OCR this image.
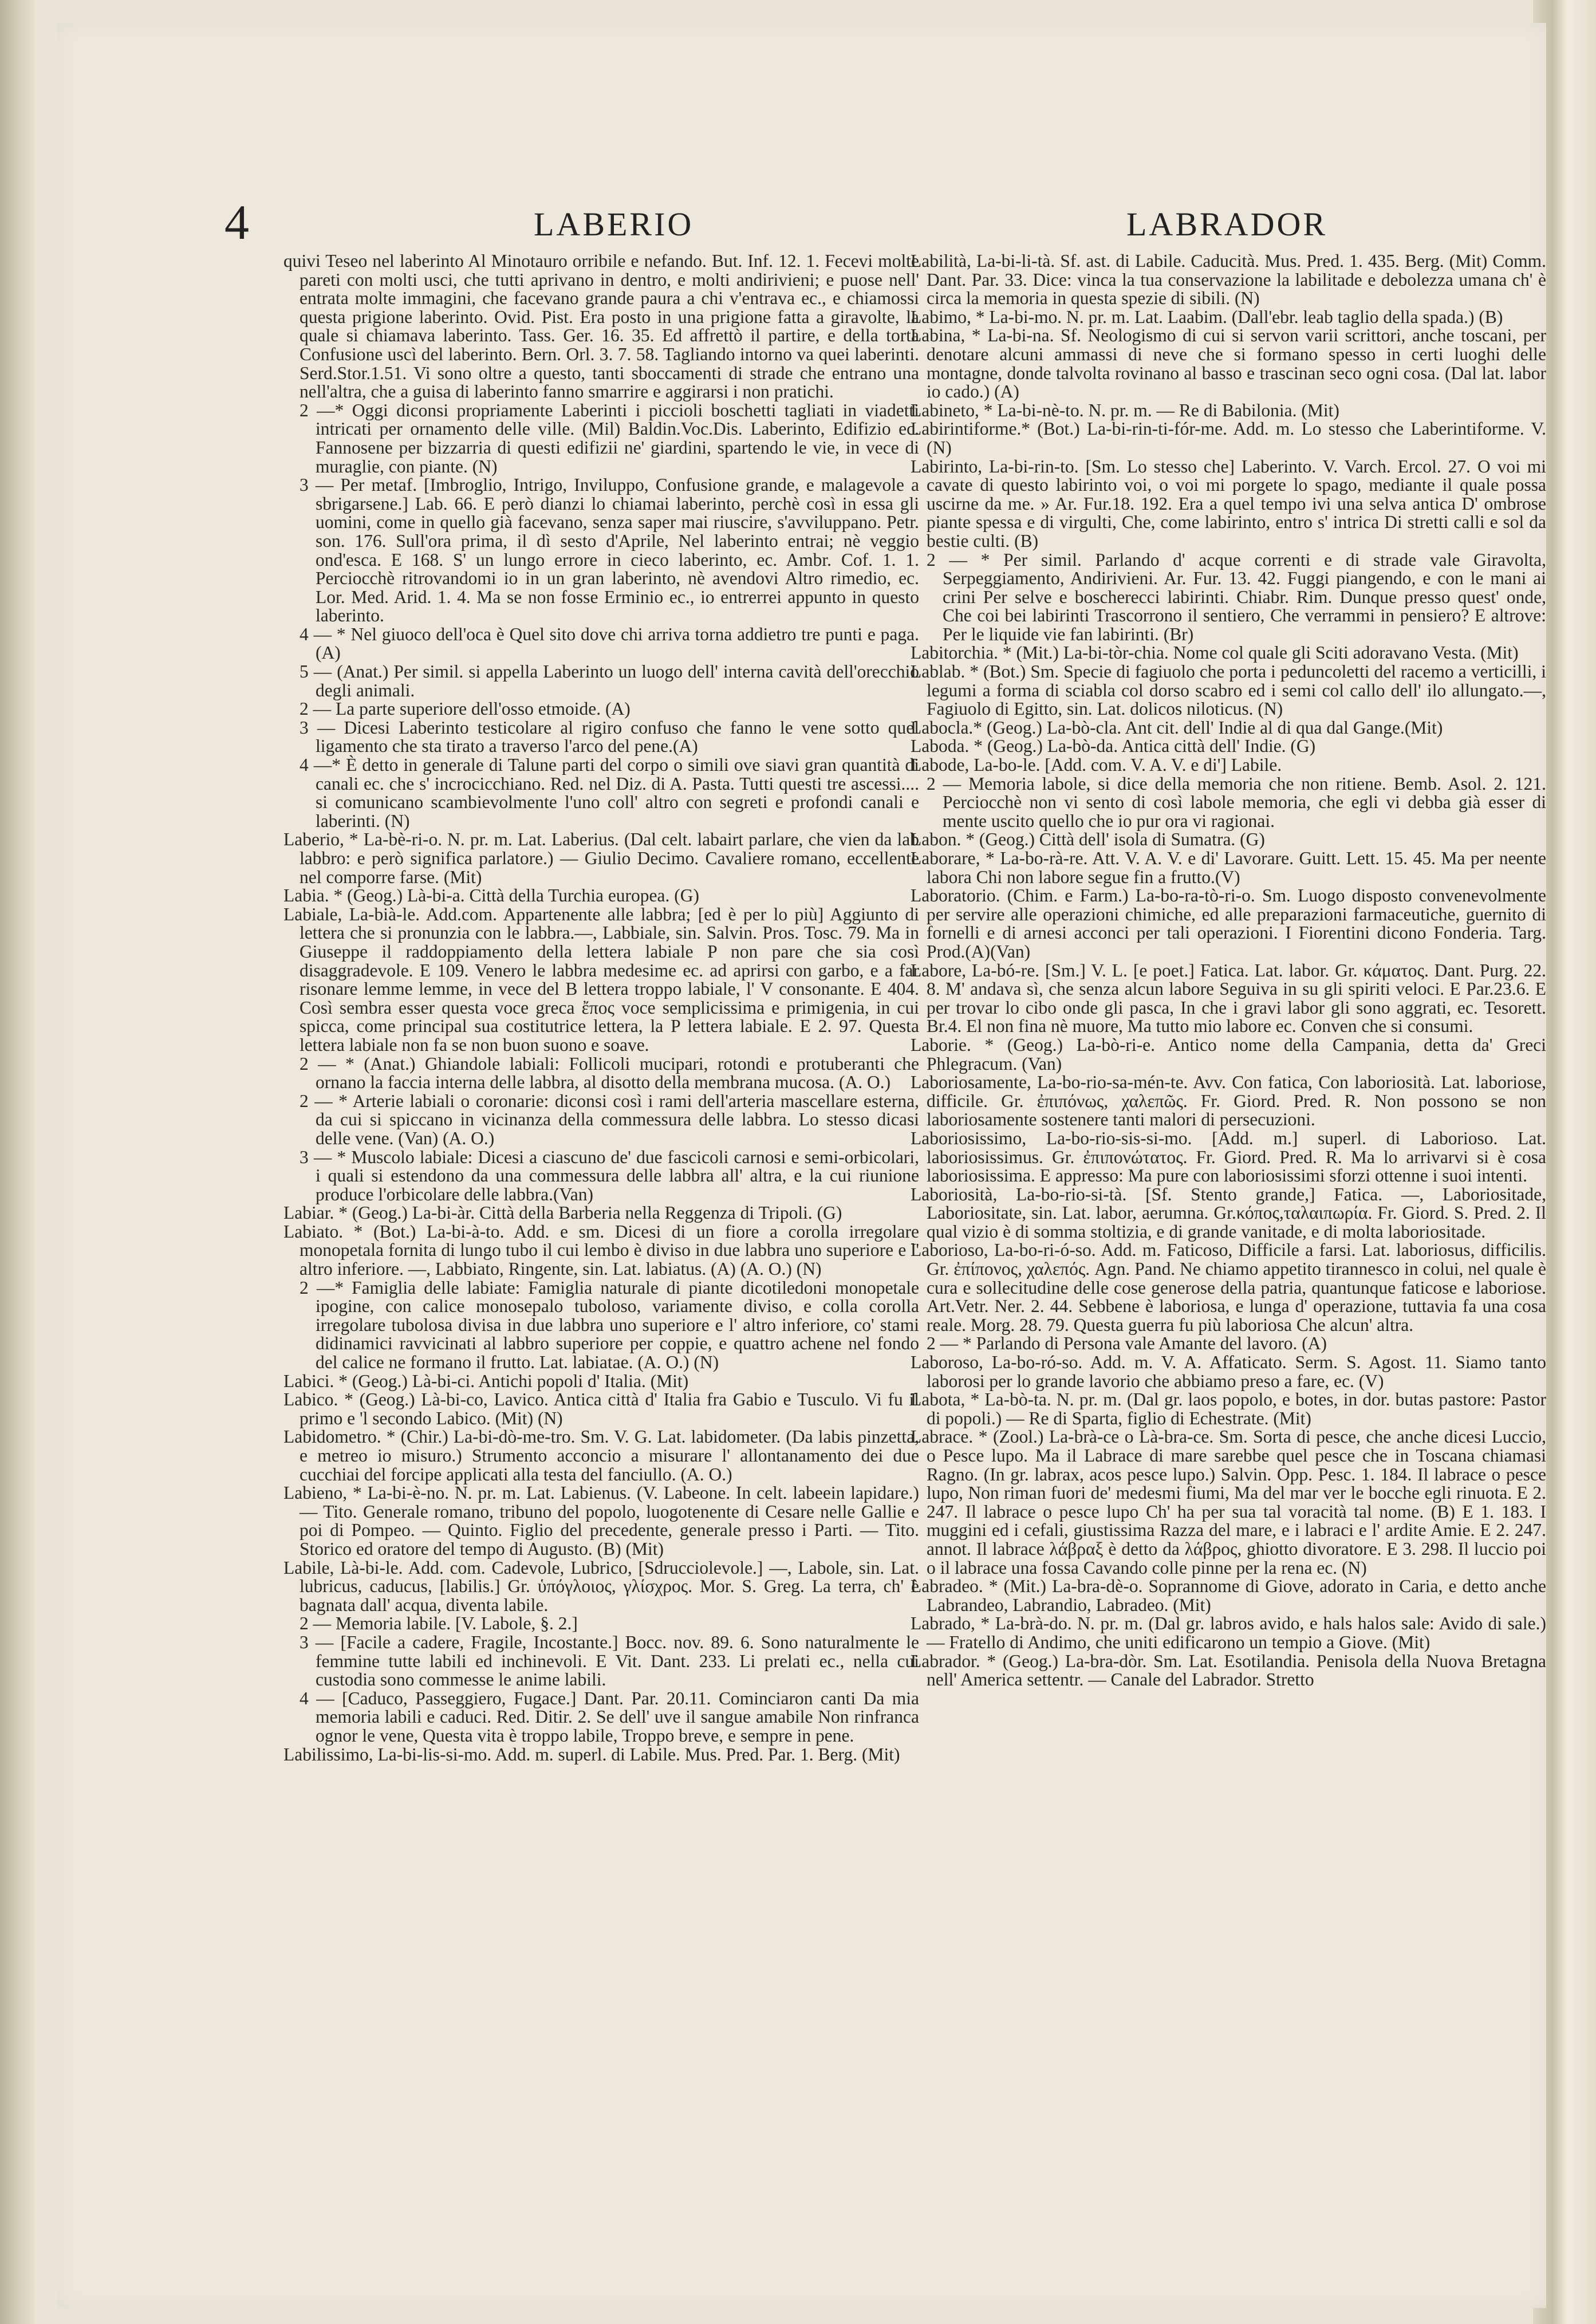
4	LABERIO	LABRADOR

quivi Teseo nel laberinto Al Minotauro orribile e nefando. But. Inf. 12. 1. Fecevi molte pareti con molti usci, che tutti aprivano in dentro, e molti andirivieni; e puose nell' entrata molte immagini, che facevano grande paura a chi v'entrava ec., e chiamossi questa prigione laberinto. Ovid. Pist. Era posto in una prigione fatta a giravolte, la quale si chiamava laberinto. Tass. Ger. 16. 35. Ed affrettò il partire, e della torta Confusione uscì del laberinto. Bern. Orl. 3. 7. 58. Tagliando intorno va quei laberinti. Serd.Stor.1.51. Vi sono oltre a questo, tanti sboccamenti di strade che entrano una nell'altra, che a guisa di laberinto fanno smarrire e aggirarsi i non pratichi.

2 —* Oggi diconsi propriamente Laberinti i piccioli boschetti tagliati in viadetti intricati per ornamento delle ville. (Mil) Baldin.Voc.Dis. Laberinto, Edifizio ec. Fannosene per bizzarria di questi edifizii ne' giardini, spartendo le vie, in vece di muraglie, con piante. (N)

3 — Per metaf. [Imbroglio, Intrigo, Inviluppo, Confusione grande, e malagevole a sbrigarsene.] Lab. 66. E però dianzi lo chiamai laberinto, perchè così in essa gli uomini, come in quello già facevano, senza saper mai riuscire, s'avviluppano. Petr. son. 176. Sull'ora prima, il dì sesto d'Aprile, Nel laberinto entrai; nè veggio ond'esca. E 168. S' un lungo errore in cieco laberinto, ec. Ambr. Cof. 1. 1. Perciocchè ritrovandomi io in un gran laberinto, nè avendovi Altro rimedio, ec. Lor. Med. Arid. 1. 4. Ma se non fosse Erminio ec., io entrerrei appunto in questo laberinto.

4 — * Nel giuoco dell'oca è Quel sito dove chi arriva torna addietro tre punti e paga. (A)

5 — (Anat.) Per simil. si appella Laberinto un luogo dell' interna cavità dell'orecchio degli animali.

2 — La parte superiore dell'osso etmoide. (A)

3 — Dicesi Laberinto testicolare al rigiro confuso che fanno le vene sotto quel ligamento che sta tirato a traverso l'arco del pene.(A)

4 —* È detto in generale di Talune parti del corpo o simili ove siavi gran quantità di canali ec. che s' incrocicchiano. Red. nel Diz. di A. Pasta. Tutti questi tre ascessi.... si comunicano scambievolmente l'uno coll' altro con segreti e profondi canali e laberinti. (N)

Laberio, * La-bè-ri-o. N. pr. m. Lat. Laberius. (Dal celt. labairt parlare, che vien da lab labbro: e però significa parlatore.) — Giulio Decimo. Cavaliere romano, eccellente nel comporre farse. (Mit)

Labia. * (Geog.) Là-bi-a. Città della Turchia europea. (G)

Labiale, La-bià-le. Add.com. Appartenente alle labbra; [ed è per lo più] Aggiunto di lettera che si pronunzia con le labbra.—, Labbiale, sin. Salvin. Pros. Tosc. 79. Ma in Giuseppe il raddoppiamento della lettera labiale P non pare che sia così disaggradevole. E 109. Venero le labbra medesime ec. ad aprirsi con garbo, e a far risonare lemme lemme, in vece del B lettera troppo labiale, l' V consonante. E 404. Così sembra esser questa voce greca ἔπος voce semplicissima e primigenia, in cui spicca, come principal sua costitutrice lettera, la P lettera labiale. E 2. 97. Questa lettera labiale non fa se non buon suono e soave.

2 — * (Anat.) Ghiandole labiali: Follicoli mucipari, rotondi e protuberanti che ornano la faccia interna delle labbra, al disotto della membrana mucosa. (A. O.)

2 — * Arterie labiali o coronarie: diconsi così i rami dell'arteria mascellare esterna, da cui si spiccano in vicinanza della commessura delle labbra. Lo stesso dicasi delle vene. (Van) (A. O.)

3 — * Muscolo labiale: Dicesi a ciascuno de' due fascicoli carnosi e semi-orbicolari, i quali si estendono da una commessura delle labbra all' altra, e la cui riunione produce l'orbicolare delle labbra.(Van)

Labiar. * (Geog.) La-bi-àr. Città della Barberia nella Reggenza di Tripoli. (G)

Labiato. * (Bot.) La-bi-à-to. Add. e sm. Dicesi di un fiore a corolla irregolare monopetala fornita di lungo tubo il cui lembo è diviso in due labbra uno superiore e l' altro inferiore. —, Labbiato, Ringente, sin. Lat. labiatus. (A) (A. O.) (N)

2 —* Famiglia delle labiate: Famiglia naturale di piante dicotiledoni monopetale ipogine, con calice monosepalo tuboloso, variamente diviso, e colla corolla irregolare tubolosa divisa in due labbra uno superiore e l' altro inferiore, co' stami didinamici ravvicinati al labbro superiore per coppie, e quattro achene nel fondo del calice ne formano il frutto. Lat. labiatae. (A. O.) (N)

Labici. * (Geog.) Là-bi-ci. Antichi popoli d' Italia. (Mit)

Labico. * (Geog.) Là-bi-co, Lavico. Antica città d' Italia fra Gabio e Tusculo. Vi fu il primo e 'l secondo Labico. (Mit) (N)

Labidometro. * (Chir.) La-bi-dò-me-tro. Sm. V. G. Lat. labidometer. (Da labis pinzetta, e metreo io misuro.) Strumento acconcio a misurare l' allontanamento dei due cucchiai del forcipe applicati alla testa del fanciullo. (A. O.)

Labieno, * La-bi-è-no. N. pr. m. Lat. Labienus. (V. Labeone. In celt. labeein lapidare.) — Tito. Generale romano, tribuno del popolo, luogotenente di Cesare nelle Gallie e poi di Pompeo. — Quinto. Figlio del precedente, generale presso i Parti. — Tito. Storico ed oratore del tempo di Augusto. (B) (Mit)

Labile, Là-bi-le. Add. com. Cadevole, Lubrico, [Sdrucciolevole.] —, Labole, sin. Lat. lubricus, caducus, [labilis.] Gr. ὑπόγλοιος, γλίσχρος. Mor. S. Greg. La terra, ch' è bagnata dall' acqua, diventa labile.

2 — Memoria labile. [V. Labole, §. 2.]

3 — [Facile a cadere, Fragile, Incostante.] Bocc. nov. 89. 6. Sono naturalmente le femmine tutte labili ed inchinevoli. E Vit. Dant. 233. Li prelati ec., nella cui custodia sono commesse le anime labili.

4 — [Caduco, Passeggiero, Fugace.] Dant. Par. 20.11. Cominciaron canti Da mia memoria labili e caduci. Red. Ditir. 2. Se dell' uve il sangue amabile Non rinfranca ognor le vene, Questa vita è troppo labile, Troppo breve, e sempre in pene.

Labilissimo, La-bi-lis-si-mo. Add. m. superl. di Labile. Mus. Pred. Par. 1. Berg. (Mit)

Labilità, La-bi-li-tà. Sf. ast. di Labile. Caducità. Mus. Pred. 1. 435. Berg. (Mit) Comm. Dant. Par. 33. Dice: vinca la tua conservazione la labilitade e debolezza umana ch' è circa la memoria in questa spezie di sibili. (N)

Labimo, * La-bi-mo. N. pr. m. Lat. Laabim. (Dall'ebr. leab taglio della spada.) (B)

Labina, * La-bi-na. Sf. Neologismo di cui si servon varii scrittori, anche toscani, per denotare alcuni ammassi di neve che si formano spesso in certi luoghi delle montagne, donde talvolta rovinano al basso e trascinan seco ogni cosa. (Dal lat. labor io cado.) (A)

Labineto, * La-bi-nè-to. N. pr. m. — Re di Babilonia. (Mit)

Labirintiforme.* (Bot.) La-bi-rin-ti-fór-me. Add. m. Lo stesso che Laberintiforme. V. (N)

Labirinto, La-bi-rin-to. [Sm. Lo stesso che] Laberinto. V. Varch. Ercol. 27. O voi mi cavate di questo labirinto voi, o voi mi porgete lo spago, mediante il quale possa uscirne da me. » Ar. Fur.18. 192. Era a quel tempo ivi una selva antica D' ombrose piante spessa e di virgulti, Che, come labirinto, entro s' intrica Di stretti calli e sol da bestie culti. (B)

2 — * Per simil. Parlando d' acque correnti e di strade vale Giravolta, Serpeggiamento, Andirivieni. Ar. Fur. 13. 42. Fuggi piangendo, e con le mani ai crini Per selve e boscherecci labirinti. Chiabr. Rim. Dunque presso quest' onde, Che coi bei labirinti Trascorrono il sentiero, Che verrammi in pensiero? E altrove: Per le liquide vie fan labirinti. (Br)

Labitorchia. * (Mit.) La-bi-tòr-chia. Nome col quale gli Sciti adoravano Vesta. (Mit)

Lablab. * (Bot.) Sm. Specie di fagiuolo che porta i peduncoletti del racemo a verticilli, i legumi a forma di sciabla col dorso scabro ed i semi col callo dell' ilo allungato.—, Fagiuolo di Egitto, sin. Lat. dolicos niloticus. (N)

Labocla.* (Geog.) La-bò-cla. Ant cit. dell' Indie al di qua dal Gange.(Mit)

Laboda. * (Geog.) La-bò-da. Antica città dell' Indie. (G)

Labode, La-bo-le. [Add. com. V. A. V. e di'] Labile.

2 — Memoria labole, si dice della memoria che non ritiene. Bemb. Asol. 2. 121. Perciocchè non vi sento di così labole memoria, che egli vi debba già esser di mente uscito quello che io pur ora vi ragionai.

Labon. * (Geog.) Città dell' isola di Sumatra. (G)

Laborare, * La-bo-rà-re. Att. V. A. V. e di' Lavorare. Guitt. Lett. 15. 45. Ma per neente labora Chi non labore segue fin a frutto.(V)

Laboratorio. (Chim. e Farm.) La-bo-ra-tò-ri-o. Sm. Luogo disposto convenevolmente per servire alle operazioni chimiche, ed alle preparazioni farmaceutiche, guernito di fornelli e di arnesi acconci per tali operazioni. I Fiorentini dicono Fonderia. Targ. Prod.(A)(Van)

Labore, La-bó-re. [Sm.] V. L. [e poet.] Fatica. Lat. labor. Gr. κάματος. Dant. Purg. 22. 8. M' andava sì, che senza alcun labore Seguiva in su gli spiriti veloci. E Par.23.6. E per trovar lo cibo onde gli pasca, In che i gravi labor gli sono aggrati, ec. Tesorett. Br.4. El non fina nè muore, Ma tutto mio labore ec. Conven che si consumi.

Laborie. * (Geog.) La-bò-ri-e. Antico nome della Campania, detta da' Greci Phlegracum. (Van)

Laboriosamente, La-bo-rio-sa-mén-te. Avv. Con fatica, Con laboriosità. Lat. laboriose, difficile. Gr. ἐπιπόνως, χαλεπῶς. Fr. Giord. Pred. R. Non possono se non laboriosamente sostenere tanti malori di persecuzioni.

Laboriosissimo, La-bo-rio-sis-si-mo. [Add. m.] superl. di Laborioso. Lat. laboriosissimus. Gr. ἐπιπονώτατος. Fr. Giord. Pred. R. Ma lo arrivarvi si è cosa laboriosissima. E appresso: Ma pure con laboriosissimi sforzi ottenne i suoi intenti.

Laboriosità, La-bo-rio-si-tà. [Sf. Stento grande,] Fatica. —, Laboriositade, Laboriositate, sin. Lat. labor, aerumna. Gr.κόπος,ταλαιπωρία. Fr. Giord. S. Pred. 2. Il qual vizio è di somma stoltizia, e di grande vanitade, e di molta laboriositade.

Laborioso, La-bo-ri-ó-so. Add. m. Faticoso, Difficile a farsi. Lat. laboriosus, difficilis. Gr. ἐπίπονος, χαλεπός. Agn. Pand. Ne chiamo appetito tirannesco in colui, nel quale è cura e sollecitudine delle cose generose della patria, quantunque faticose e laboriose. Art.Vetr. Ner. 2. 44. Sebbene è laboriosa, e lunga d' operazione, tuttavia fa una cosa reale. Morg. 28. 79. Questa guerra fu più laboriosa Che alcun' altra.

2 — * Parlando di Persona vale Amante del lavoro. (A)

Laboroso, La-bo-ró-so. Add. m. V. A. Affaticato. Serm. S. Agost. 11. Siamo tanto laborosi per lo grande lavorio che abbiamo preso a fare, ec. (V)

Labota, * La-bò-ta. N. pr. m. (Dal gr. laos popolo, e botes, in dor. butas pastore: Pastor di popoli.) — Re di Sparta, figlio di Echestrate. (Mit)

Labrace. * (Zool.) La-brà-ce o Là-bra-ce. Sm. Sorta di pesce, che anche dicesi Luccio, o Pesce lupo. Ma il Labrace di mare sarebbe quel pesce che in Toscana chiamasi Ragno. (In gr. labrax, acos pesce lupo.) Salvin. Opp. Pesc. 1. 184. Il labrace o pesce lupo, Non riman fuori de' medesmi fiumi, Ma del mar ver le bocche egli rinuota. E 2. 247. Il labrace o pesce lupo Ch' ha per sua tal voracità tal nome. (B) E 1. 183. I muggini ed i cefali, giustissima Razza del mare, e i labraci e l' ardite Amie. E 2. 247. annot. Il labrace λάβραξ è detto da λάβρος, ghiotto divoratore. E 3. 298. Il luccio poi o il labrace una fossa Cavando colle pinne per la rena ec. (N)

Labradeo. * (Mit.) La-bra-dè-o. Soprannome di Giove, adorato in Caria, e detto anche Labrandeo, Labrandio, Labradeo. (Mit)

Labrado, * La-brà-do. N. pr. m. (Dal gr. labros avido, e hals halos sale: Avido di sale.) — Fratello di Andimo, che uniti edificarono un tempio a Giove. (Mit)

Labrador. * (Geog.) La-bra-dòr. Sm. Lat. Esotilandia. Penisola della Nuova Bretagna nell' America settentr. — Canale del Labrador. Stretto
